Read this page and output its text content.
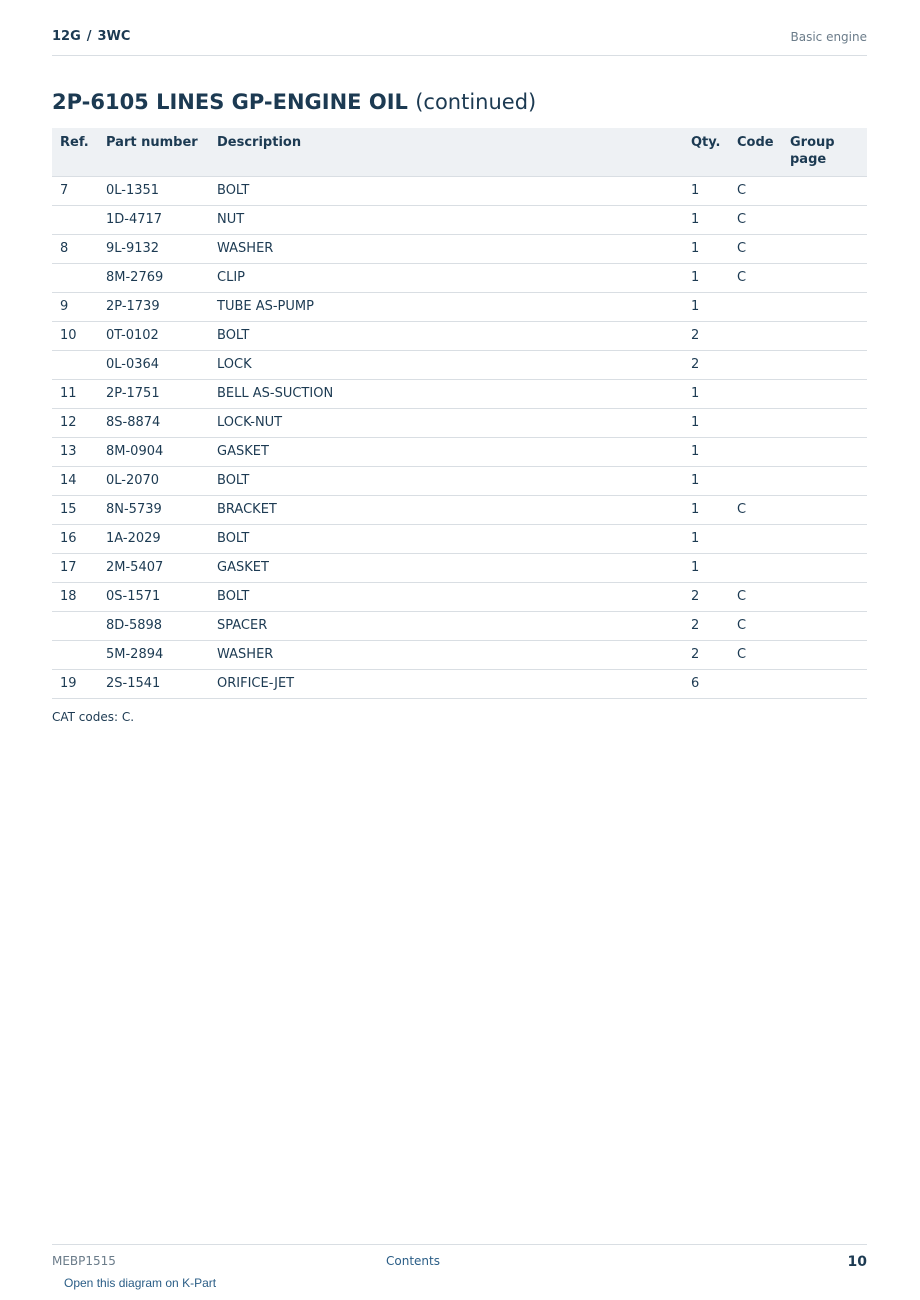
12G / 3WC	Basic engine
2P-6105 LINES GP-ENGINE OIL (continued)
Ref.	Part number	Description	Qty.	Code	Group page
7	0L-1351	BOLT	1	C	
	1D-4717	NUT	1	C	
8	9L-9132	WASHER	1	C	
	8M-2769	CLIP	1	C	
9	2P-1739	TUBE AS-PUMP	1		
10	0T-0102	BOLT	2		
	0L-0364	LOCK	2		
11	2P-1751	BELL AS-SUCTION	1		
12	8S-8874	LOCK-NUT	1		
13	8M-0904	GASKET	1		
14	0L-2070	BOLT	1		
15	8N-5739	BRACKET	1	C	
16	1A-2029	BOLT	1		
17	2M-5407	GASKET	1		
18	0S-1571	BOLT	2	C	
	8D-5898	SPACER	2	C	
	5M-2894	WASHER	2	C	
19	2S-1541	ORIFICE-JET	6		
CAT codes: C.
MEBP1515	Contents	10
Open this diagram on K-Part
